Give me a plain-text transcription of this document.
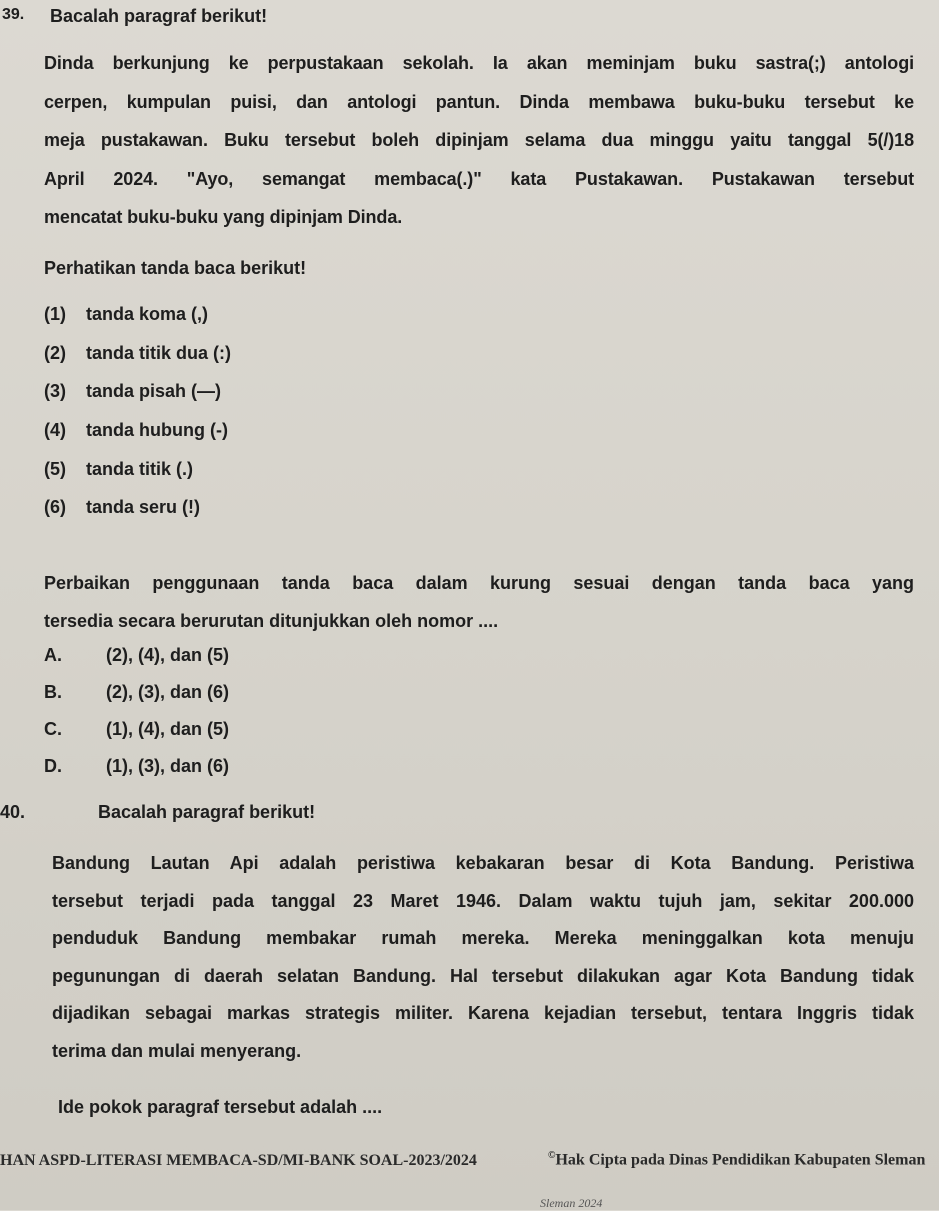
39. Bacalah paragraf berikut!
Dinda berkunjung ke perpustakaan sekolah. Ia akan meminjam buku sastra(;) antologi
cerpen, kumpulan puisi, dan antologi pantun. Dinda membawa buku-buku tersebut ke
meja pustakawan. Buku tersebut boleh dipinjam selama dua minggu yaitu tanggal 5(/)18
April 2024. "Ayo, semangat membaca(.)" kata Pustakawan. Pustakawan tersebut
mencatat buku-buku yang dipinjam Dinda.
Perhatikan tanda baca berikut!
(1)	tanda koma (,)
(2)	tanda titik dua (:)
(3)	tanda pisah (—)
(4)	tanda hubung (-)
(5)	tanda titik (.)
(6)	tanda seru (!)
Perbaikan penggunaan tanda baca dalam kurung sesuai dengan tanda baca yang
tersedia secara berurutan ditunjukkan oleh nomor ....
A.	(2), (4), dan (5)
B.	(2), (3), dan (6)
C.	(1), (4), dan (5)
D.	(1), (3), dan (6)
40.	Bacalah paragraf berikut!
Bandung Lautan Api adalah peristiwa kebakaran besar di Kota Bandung. Peristiwa
tersebut terjadi pada tanggal 23 Maret 1946. Dalam waktu tujuh jam, sekitar 200.000
penduduk Bandung membakar rumah mereka. Mereka meninggalkan kota menuju
pegunungan di daerah selatan Bandung. Hal tersebut dilakukan agar Kota Bandung tidak
dijadikan sebagai markas strategis militer. Karena kejadian tersebut, tentara Inggris tidak
terima dan mulai menyerang.
Ide pokok paragraf tersebut adalah ....
HAN ASPD-LITERASI MEMBACA-SD/MI-BANK SOAL-2023/2024	©Hak Cipta pada Dinas Pendidikan Kabupaten Sleman
Sleman 2024
